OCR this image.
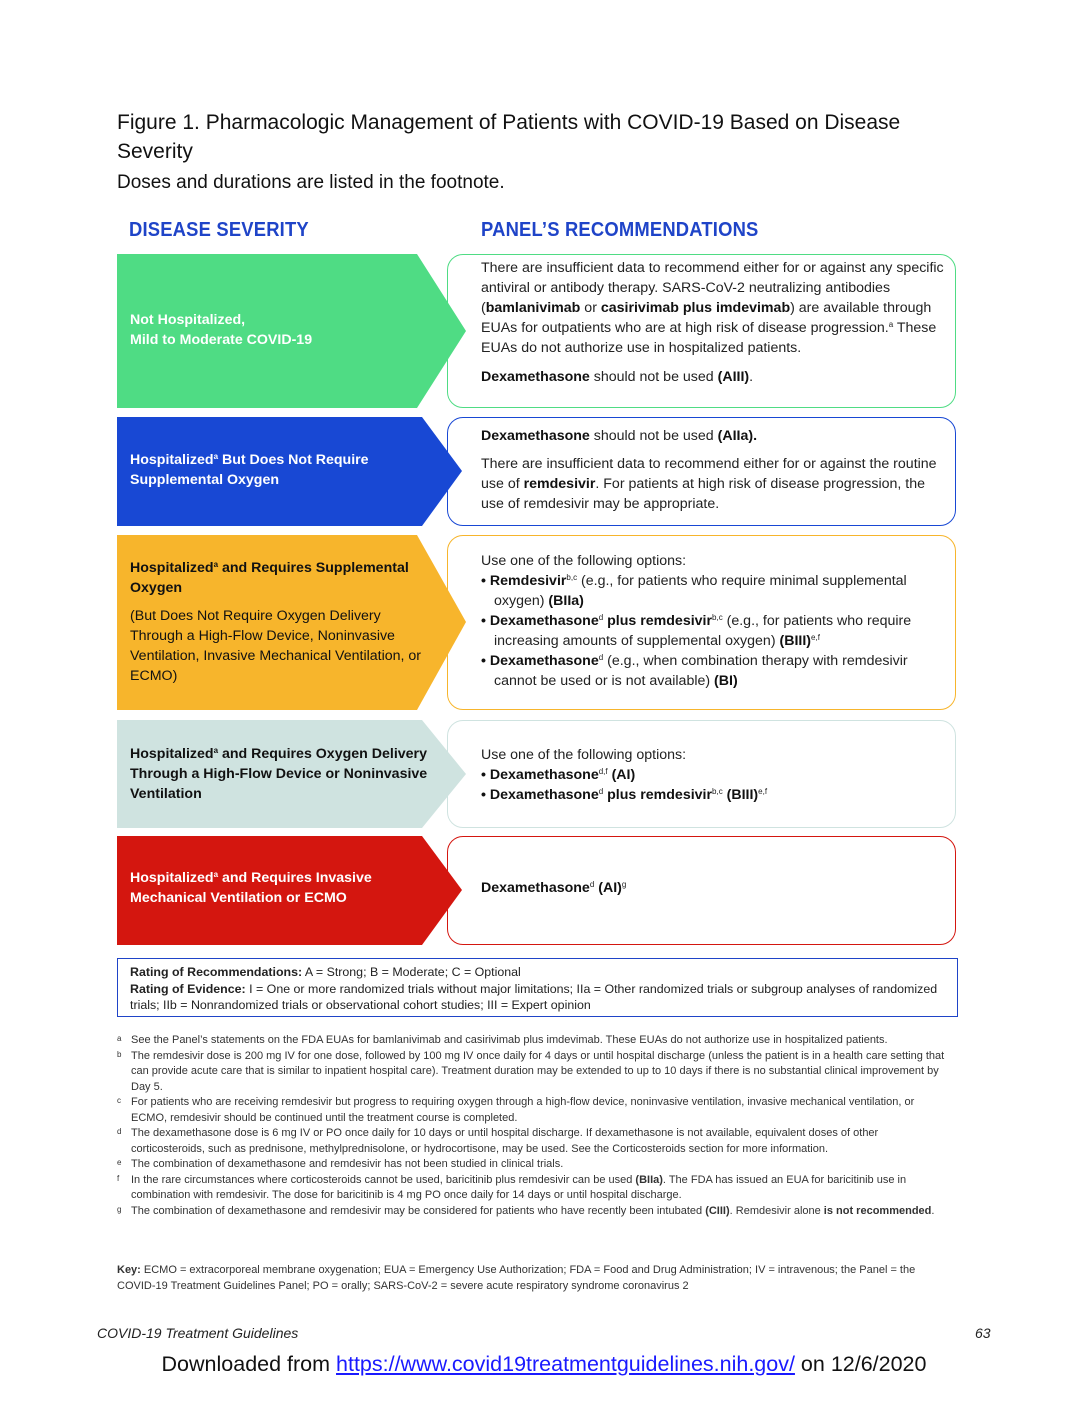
Figure 1. Pharmacologic Management of Patients with COVID-19 Based on Disease Severity
Doses and durations are listed in the footnote.
DISEASE SEVERITY	PANEL’S RECOMMENDATIONS
Not Hospitalized,
Mild to Moderate COVID-19

There are insufficient data to recommend either for or against any specific antiviral or antibody therapy. SARS-CoV-2 neutralizing antibodies (bamlanivimab or casirivimab plus imdevimab) are available through EUAs for outpatients who are at high risk of disease progression.$^a$ These EUAs do not authorize use in hospitalized patients.

Dexamethasone should not be used (AIII).

Hospitalized$^a$ But Does Not Require Supplemental Oxygen

Dexamethasone should not be used (AIIa).

There are insufficient data to recommend either for or against the routine use of remdesivir. For patients at high risk of disease progression, the use of remdesivir may be appropriate.

Hospitalized$^a$ and Requires Supplemental Oxygen
(But Does Not Require Oxygen Delivery Through a High-Flow Device, Noninvasive Ventilation, Invasive Mechanical Ventilation, or ECMO)

Use one of the following options:

• Remdesivir$^{b,c}$ (e.g., for patients who require minimal supplemental oxygen) (BIIa)
• Dexamethasone$^d$ plus remdesivir$^{b,c}$ (e.g., for patients who require increasing amounts of supplemental oxygen) (BIII)$^{e,f}$
• Dexamethasone$^d$ (e.g., when combination therapy with remdesivir cannot be used or is not available) (BI)
Hospitalized$^a$ and Requires Oxygen Delivery Through a High-Flow Device or Noninvasive Ventilation

Use one of the following options:

• Dexamethasone$^{d,f}$ (AI)
• Dexamethasone$^d$ plus remdesivir$^{b,c}$ (BIII)$^{e,f}$
Hospitalized$^a$ and Requires Invasive Mechanical Ventilation or ECMO

Dexamethasone$^d$ (AI)$^g$

Rating of Recommendations: A = Strong; B = Moderate; C = Optional
Rating of Evidence: I = One or more randomized trials without major limitations; IIa = Other randomized trials or subgroup analyses of randomized trials; IIb = Nonrandomized trials or observational cohort studies; III = Expert opinion
a See the Panel’s statements on the FDA EUAs for bamlanivimab and casirivimab plus imdevimab. These EUAs do not authorize use in hospitalized patients.
b The remdesivir dose is 200 mg IV for one dose, followed by 100 mg IV once daily for 4 days or until hospital discharge (unless the patient is in a health care setting that can provide acute care that is similar to inpatient hospital care). Treatment duration may be extended to up to 10 days if there is no substantial clinical improvement by Day 5.
c For patients who are receiving remdesivir but progress to requiring oxygen through a high-flow device, noninvasive ventilation, invasive mechanical ventilation, or ECMO, remdesivir should be continued until the treatment course is completed.
d The dexamethasone dose is 6 mg IV or PO once daily for 10 days or until hospital discharge. If dexamethasone is not available, equivalent doses of other corticosteroids, such as prednisone, methylprednisolone, or hydrocortisone, may be used. See the Corticosteroids section for more information.
e The combination of dexamethasone and remdesivir has not been studied in clinical trials.
f In the rare circumstances where corticosteroids cannot be used, baricitinib plus remdesivir can be used (BIIa). The FDA has issued an EUA for baricitinib use in combination with remdesivir. The dose for baricitinib is 4 mg PO once daily for 14 days or until hospital discharge.
g The combination of dexamethasone and remdesivir may be considered for patients who have recently been intubated (CIII). Remdesivir alone is not recommended.
Key: ECMO = extracorporeal membrane oxygenation; EUA = Emergency Use Authorization; FDA = Food and Drug Administration; IV = intravenous; the Panel = the COVID-19 Treatment Guidelines Panel; PO = orally; SARS-CoV-2 = severe acute respiratory syndrome coronavirus 2
COVID-19 Treatment Guidelines	63
Downloaded from https://www.covid19treatmentguidelines.nih.gov/ on 12/6/2020
